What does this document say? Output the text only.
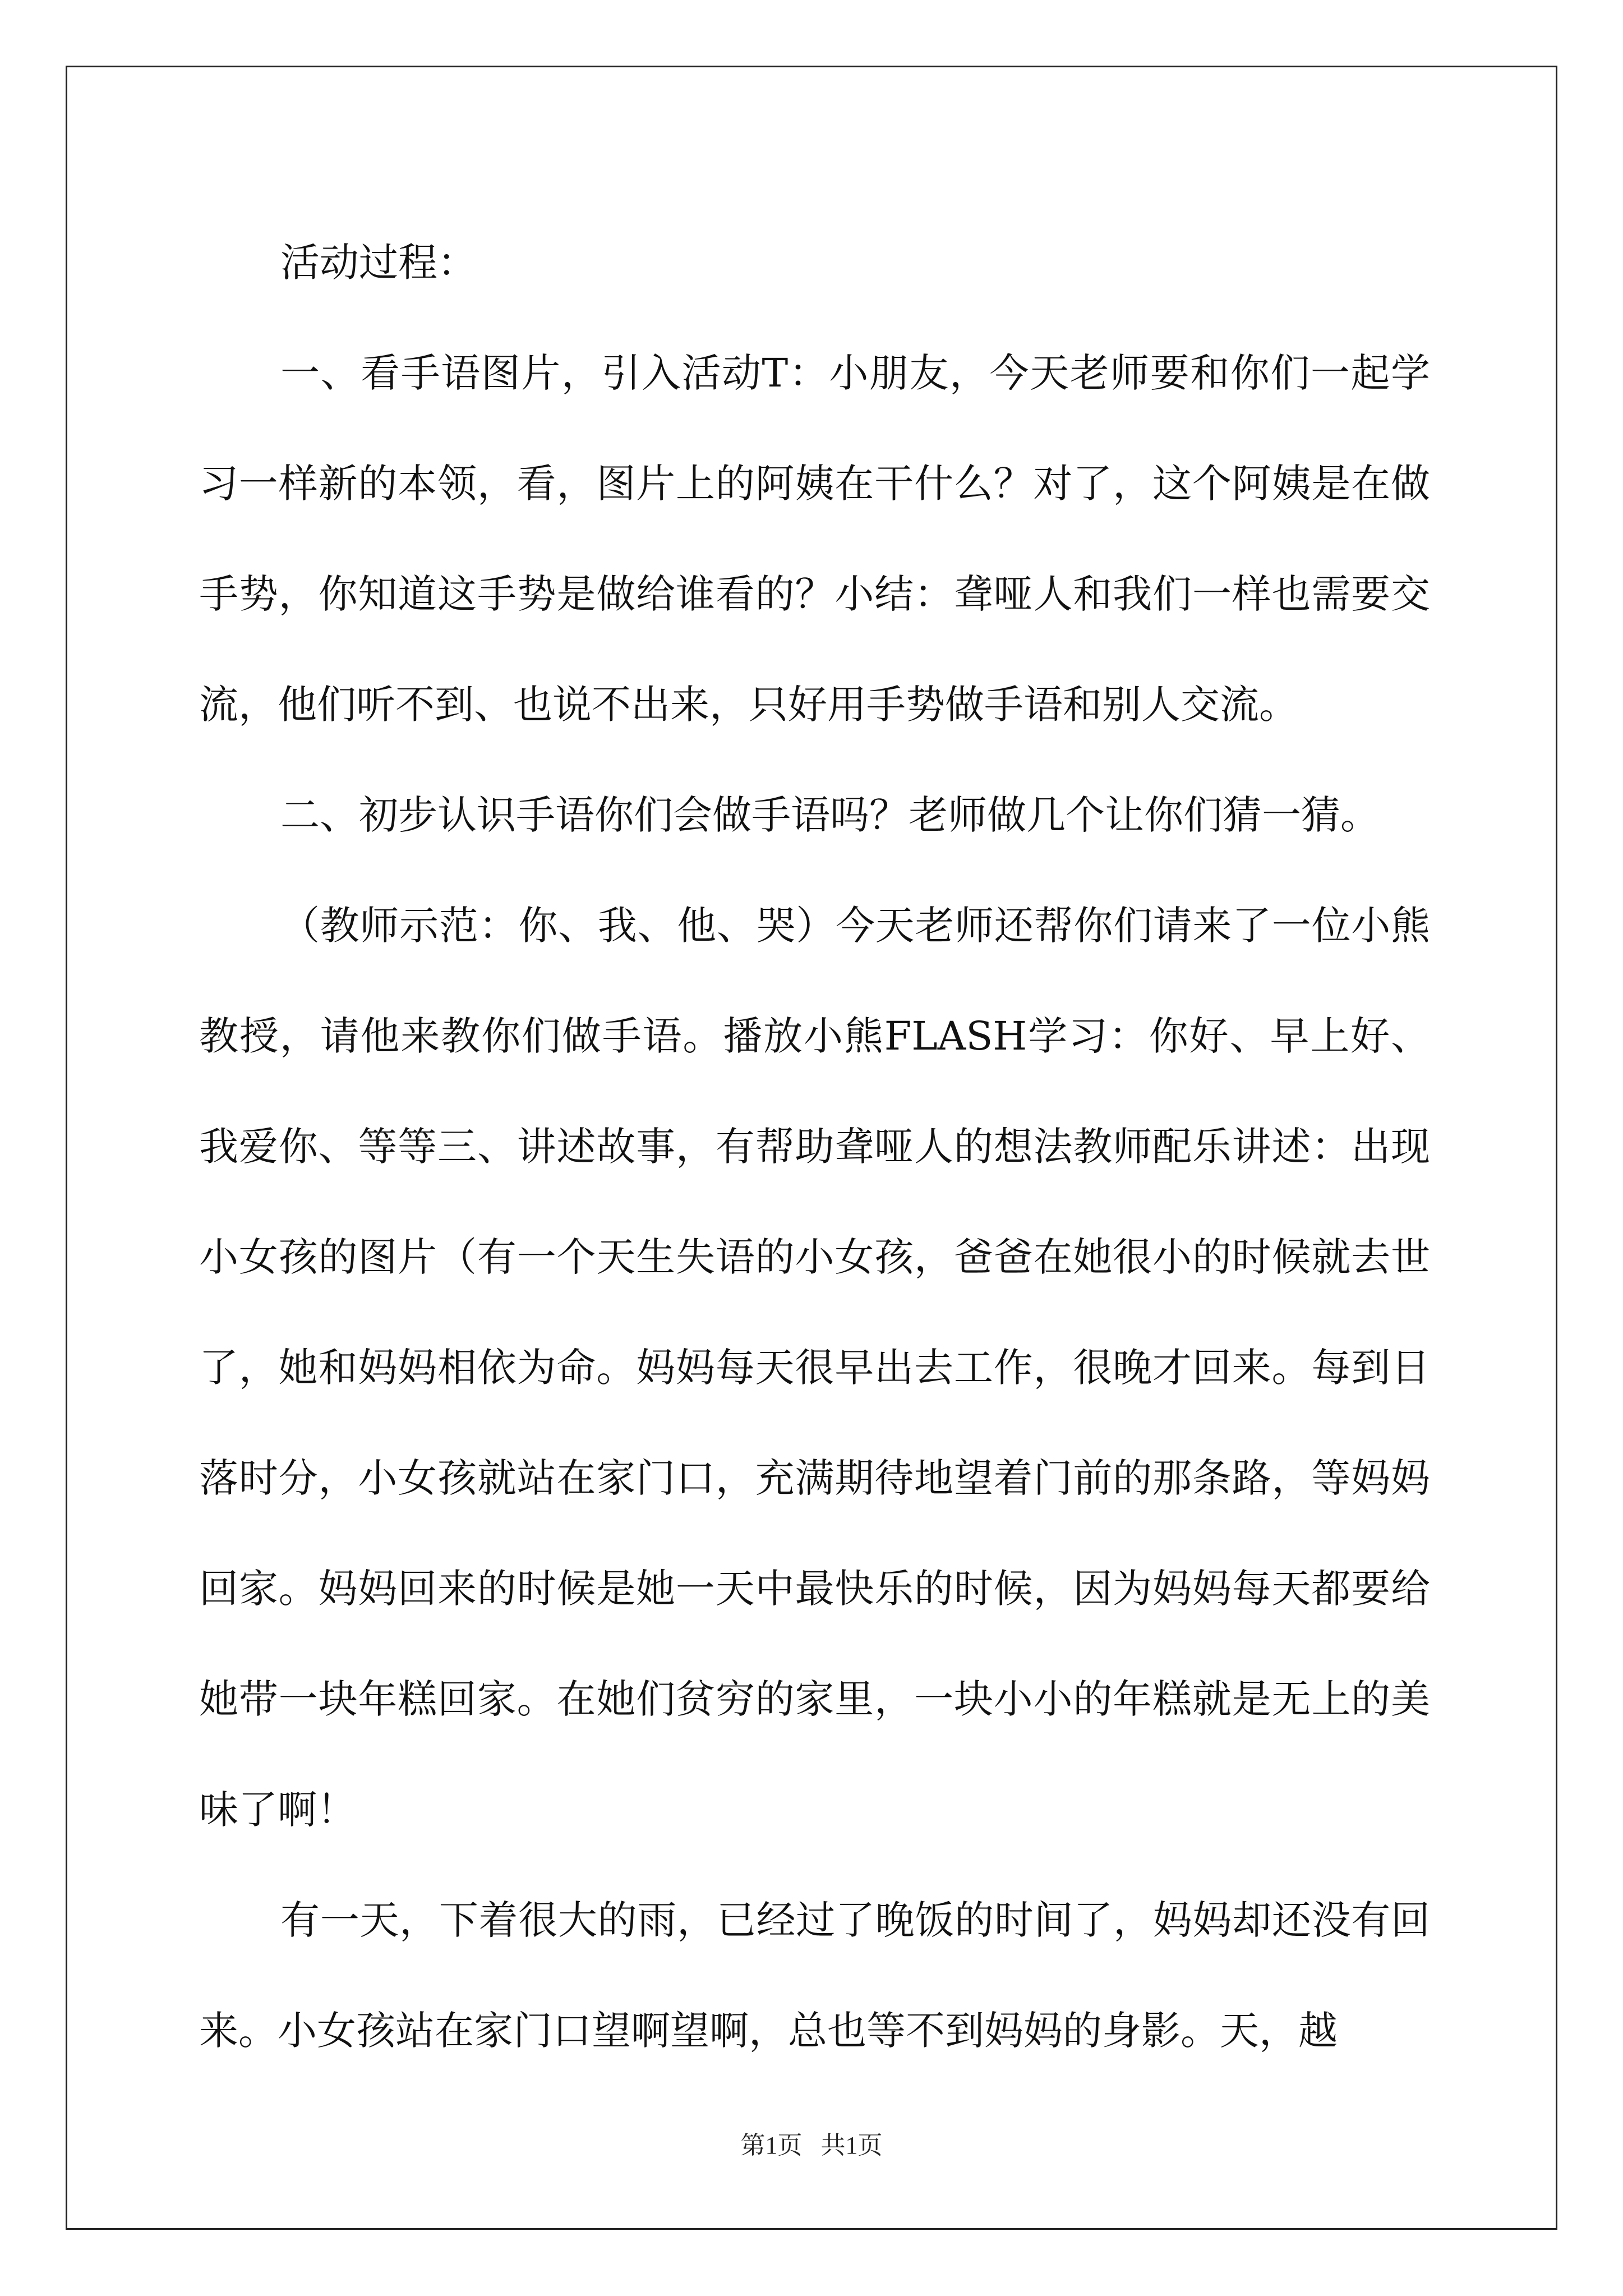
活动过程：

一、看手语图片，引入活动T：小朋友，今天老师要和你们一起学习一样新的本领，看，图片上的阿姨在干什么？对了，这个阿姨是在做手势，你知道这手势是做给谁看的？小结：聋哑人和我们一样也需要交流，他们听不到、也说不出来，只好用手势做手语和别人交流。

二、初步认识手语你们会做手语吗？老师做几个让你们猜一猜。

（教师示范：你、我、他、哭）今天老师还帮你们请来了一位小熊教授，请他来教你们做手语。播放小熊FLASH学习：你好、早上好、我爱你、等等三、讲述故事，有帮助聋哑人的想法教师配乐讲述：出现小女孩的图片（有一个天生失语的小女孩，爸爸在她很小的时候就去世了，她和妈妈相依为命。妈妈每天很早出去工作，很晚才回来。每到日落时分，小女孩就站在家门口，充满期待地望着门前的那条路，等妈妈回家。妈妈回来的时候是她一天中最快乐的时候，因为妈妈每天都要给她带一块年糕回家。在她们贫穷的家里，一块小小的年糕就是无上的美味了啊！

有一天，下着很大的雨，已经过了晚饭的时间了，妈妈却还没有回来。小女孩站在家门口望啊望啊，总也等不到妈妈的身影。天，越

第1页   共1页
